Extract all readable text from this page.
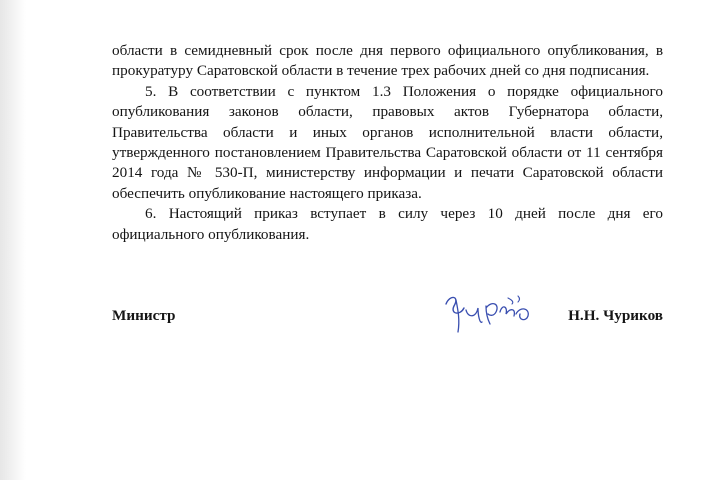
области в семидневный срок после дня первого официального опубликования, в прокуратуру Саратовской области в течение трех рабочих дней со дня подписания.

5. В соответствии с пунктом 1.3 Положения о порядке официального опубликования законов области, правовых актов Губернатора области, Правительства области и иных органов исполнительной власти области, утвержденного постановлением Правительства Саратовской области от 11 сентября 2014 года № 530-П, министерству информации и печати Саратовской области обеспечить опубликование настоящего приказа.

6. Настоящий приказ вступает в силу через 10 дней после дня его официального опубликования.

Министр	Н.Н. Чуриков
